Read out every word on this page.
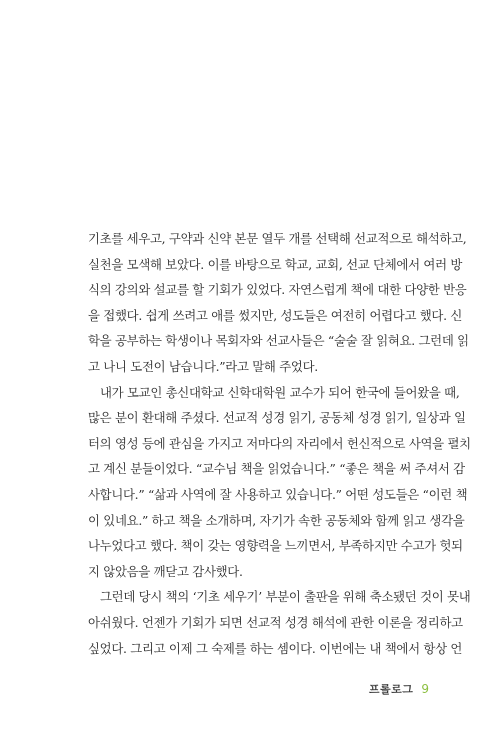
기초를 세우고, 구약과 신약 본문 열두 개를 선택해 선교적으로 해석하고,
실천을 모색해 보았다. 이를 바탕으로 학교, 교회, 선교 단체에서 여러 방
식의 강의와 설교를 할 기회가 있었다. 자연스럽게 책에 대한 다양한 반응
을 접했다. 쉽게 쓰려고 애를 썼지만, 성도들은 여전히 어렵다고 했다. 신
학을 공부하는 학생이나 목회자와 선교사들은 “술술 잘 읽혀요. 그런데 읽
고 나니 도전이 남습니다.”라고 말해 주었다.

내가 모교인 총신대학교 신학대학원 교수가 되어 한국에 들어왔을 때,
많은 분이 환대해 주셨다. 선교적 성경 읽기, 공동체 성경 읽기, 일상과 일
터의 영성 등에 관심을 가지고 저마다의 자리에서 헌신적으로 사역을 펼치
고 계신 분들이었다. “교수님 책을 읽었습니다.” “좋은 책을 써 주셔서 감
사합니다.” “삶과 사역에 잘 사용하고 있습니다.” 어떤 성도들은 “이런 책
이 있네요.” 하고 책을 소개하며, 자기가 속한 공동체와 함께 읽고 생각을
나누었다고 했다. 책이 갖는 영향력을 느끼면서, 부족하지만 수고가 헛되
지 않았음을 깨닫고 감사했다.

그런데 당시 책의 ‘기초 세우기’ 부분이 출판을 위해 축소됐던 것이 못내
아쉬웠다. 언젠가 기회가 되면 선교적 성경 해석에 관한 이론을 정리하고
싶었다. 그리고 이제 그 숙제를 하는 셈이다. 이번에는 내 책에서 항상 언

프롤로그 9
